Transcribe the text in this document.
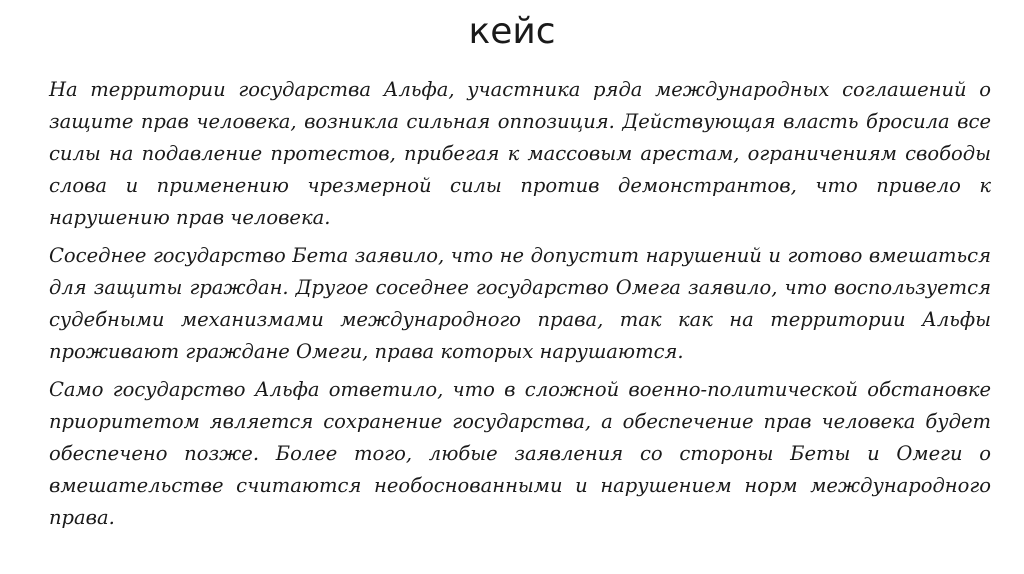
кейс

На территории государства Альфа, участника ряда международных соглашений о защите прав человека, возникла сильная оппозиция. Действующая власть бросила все силы на подавление протестов, прибегая к массовым арестам, ограничениям свободы слова и применению чрезмерной силы против демонстрантов, что привело к нарушению прав человека.

Соседнее государство Бета заявило, что не допустит нарушений и готово вмешаться для защиты граждан. Другое соседнее государство Омега заявило, что воспользуется судебными механизмами международного права, так как на территории Альфы проживают граждане Омеги, права которых нарушаются.

Само государство Альфа ответило, что в сложной военно-политической обстановке приоритетом является сохранение государства, а обеспечение прав человека будет обеспечено позже. Более того, любые заявления со стороны Беты и Омеги о вмешательстве считаются необоснованными и нарушением норм международного права.
